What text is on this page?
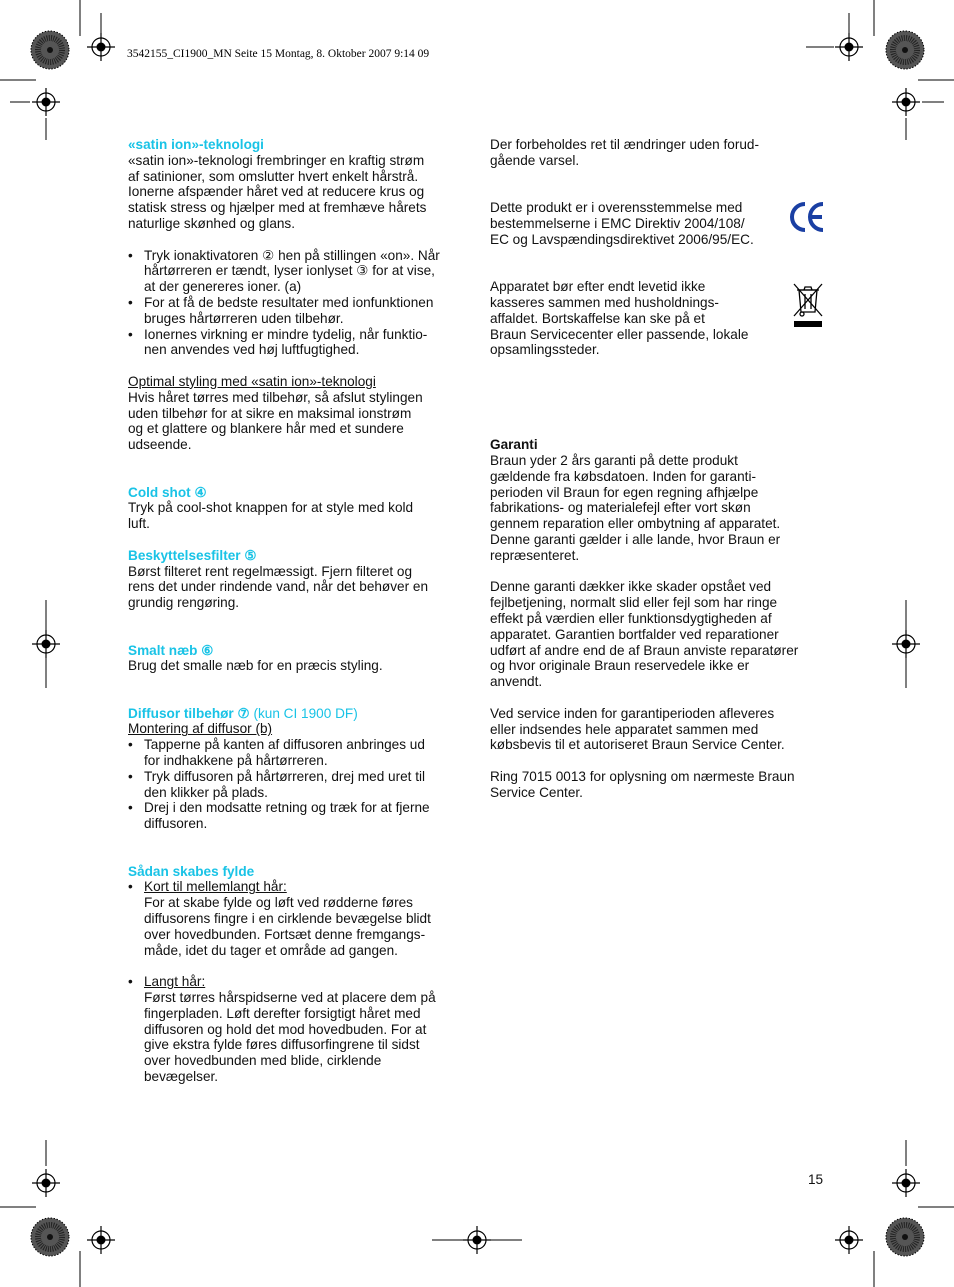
3542155_CI1900_MN Seite 15 Montag, 8. Oktober 2007 9:14 09
«satin ion»-teknologi

«satin ion»-teknologi frembringer en kraftig strøm

af satinioner, som omslutter hvert enkelt hårstrå.

Ionerne afspænder håret ved at reducere krus og

statisk stress og hjælper med at fremhæve hårets

naturlige skønhed og glans.

• Tryk ionaktivatoren ② hen på stillingen «on». Når

hårtørreren er tændt, lyser ionlyset ③ for at vise,

at der genereres ioner. (a)

• For at få de bedste resultater med ionfunktionen

bruges hårtørreren uden tilbehør.

• Ionernes virkning er mindre tydelig, når funktio-

nen anvendes ved høj luftfugtighed.

Optimal styling med «satin ion»-teknologi

Hvis håret tørres med tilbehør, så afslut stylingen

uden tilbehør for at sikre en maksimal ionstrøm

og et glattere og blankere hår med et sundere

udseende.

Cold shot ④

Tryk på cool-shot knappen for at style med kold

luft.

Beskyttelsesfilter ⑤

Børst filteret rent regelmæssigt. Fjern filteret og

rens det under rindende vand, når det behøver en

grundig rengøring.

Smalt næb ⑥

Brug det smalle næb for en præcis styling.

Diffusor tilbehør ⑦ (kun CI 1900 DF)

Montering af diffusor (b)

• Tapperne på kanten af diffusoren anbringes ud

for indhakkene på hårtørreren.

• Tryk diffusoren på hårtørreren, drej med uret til

den klikker på plads.

• Drej i den modsatte retning og træk for at fjerne

diffusoren.

Sådan skabes fylde
•

Kort til mellemlangt hår:

For at skabe fylde og løft ved rødderne føres

diffusorens fingre i en cirklende bevægelse blidt

over hovedbunden. Fortsæt denne fremgangs-

måde, idet du tager et område ad gangen.

•

Langt hår:

Først tørres hårspidserne ved at placere dem på

fingerpladen. Løft derefter forsigtigt håret med

diffusoren og hold det mod hovedbuden. For at

give ekstra fylde føres diffusorfingrene til sidst

over hovedbunden med blide, cirklende

bevægelser.

Der forbeholdes ret til ændringer uden forud-

gående varsel.

Dette produkt er i overensstemmelse med

bestemmelserne i EMC Direktiv 2004/108/

EC og Lavspændingsdirektivet 2006/95/EC.

Apparatet bør efter endt levetid ikke

kasseres sammen med husholdnings-

affaldet. Bortskaffelse kan ske på et

Braun Servicecenter eller passende, lokale

opsamlingssteder.

Garanti

Braun yder 2 års garanti på dette produkt

gældende fra købsdatoen. Inden for garanti-

perioden vil Braun for egen regning afhjælpe

fabrikations- og materialefejl efter vort skøn

gennem reparation eller ombytning af apparatet.

Denne garanti gælder i alle lande, hvor Braun er

repræsenteret.

Denne garanti dækker ikke skader opstået ved

fejlbetjening, normalt slid eller fejl som har ringe

effekt på værdien eller funktionsdygtigheden af

apparatet. Garantien bortfalder ved reparationer

udført af andre end de af Braun anviste reparatører

og hvor originale Braun reservedele ikke er

anvendt.

Ved service inden for garantiperioden afleveres

eller indsendes hele apparatet sammen med

købsbevis til et autoriseret Braun Service Center.

Ring 7015 0013 for oplysning om nærmeste Braun

Service Center.

15
